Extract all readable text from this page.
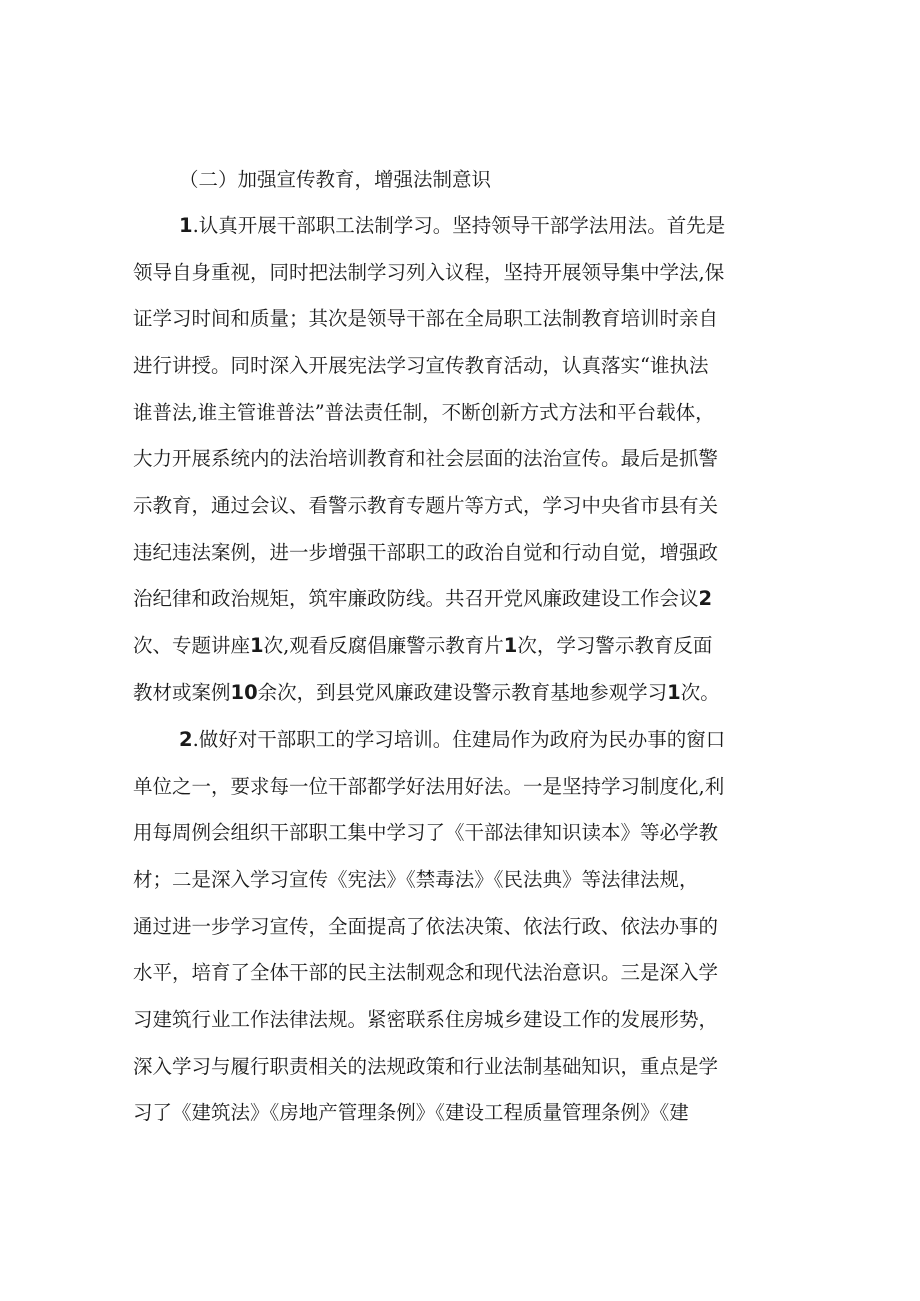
（二）加强宣传教育，增强法制意识
1.认真开展干部职工法制学习。坚持领导干部学法用法。首先是
领导自身重视，同时把法制学习列入议程，坚持开展领导集中学法,保
证学习时间和质量；其次是领导干部在全局职工法制教育培训时亲自
进行讲授。同时深入开展宪法学习宣传教育活动，认真落实“谁执法
谁普法,谁主管谁普法”普法责任制，不断创新方式方法和平台载体，
大力开展系统内的法治培训教育和社会层面的法治宣传。最后是抓警
示教育，通过会议、看警示教育专题片等方式，学习中央省市县有关
违纪违法案例，进一步增强干部职工的政治自觉和行动自觉，增强政
治纪律和政治规矩，筑牢廉政防线。共召开党风廉政建设工作会议2
次、专题讲座1次,观看反腐倡廉警示教育片1次，学习警示教育反面
教材或案例10余次，到县党风廉政建设警示教育基地参观学习1次。
2.做好对干部职工的学习培训。住建局作为政府为民办事的窗口
单位之一，要求每一位干部都学好法用好法。一是坚持学习制度化,利
用每周例会组织干部职工集中学习了《干部法律知识读本》等必学教
材；二是深入学习宣传《宪法》《禁毒法》《民法典》等法律法规，
通过进一步学习宣传，全面提高了依法决策、依法行政、依法办事的
水平，培育了全体干部的民主法制观念和现代法治意识。三是深入学
习建筑行业工作法律法规。紧密联系住房城乡建设工作的发展形势，
深入学习与履行职责相关的法规政策和行业法制基础知识，重点是学
习了《建筑法》《房地产管理条例》《建设工程质量管理条例》《建
